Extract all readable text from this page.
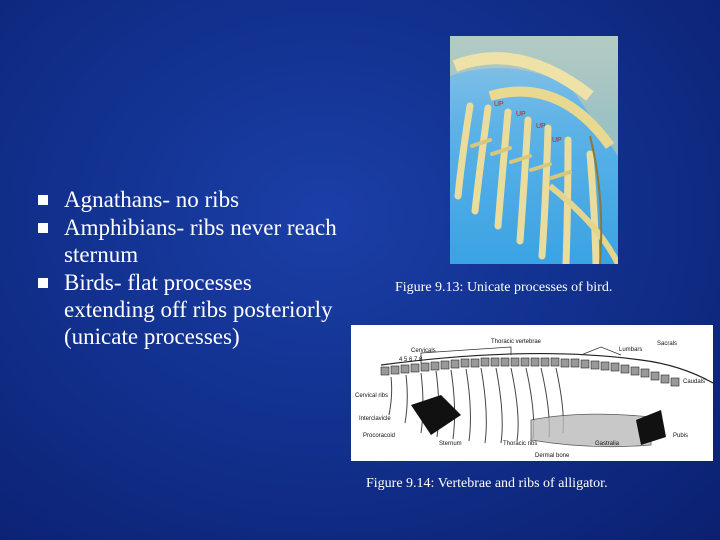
Agnathans- no ribs
Amphibians- ribs never reach sternum
Birds- flat processes extending off ribs posteriorly (unicate processes)
UP
UP
UP
UP
Figure 9.13: Unicate processes of bird.
Cervicals
4 5 6 7 8
Thoracic vertebrae
Lumbars
Sacrals
Caudals
Cervical ribs
Interclavicle
Procoracoid
Sternum	Thoracic ribs	Gastralia
Pubis
Dermal bone
Figure 9.14: Vertebrae and ribs of alligator.
